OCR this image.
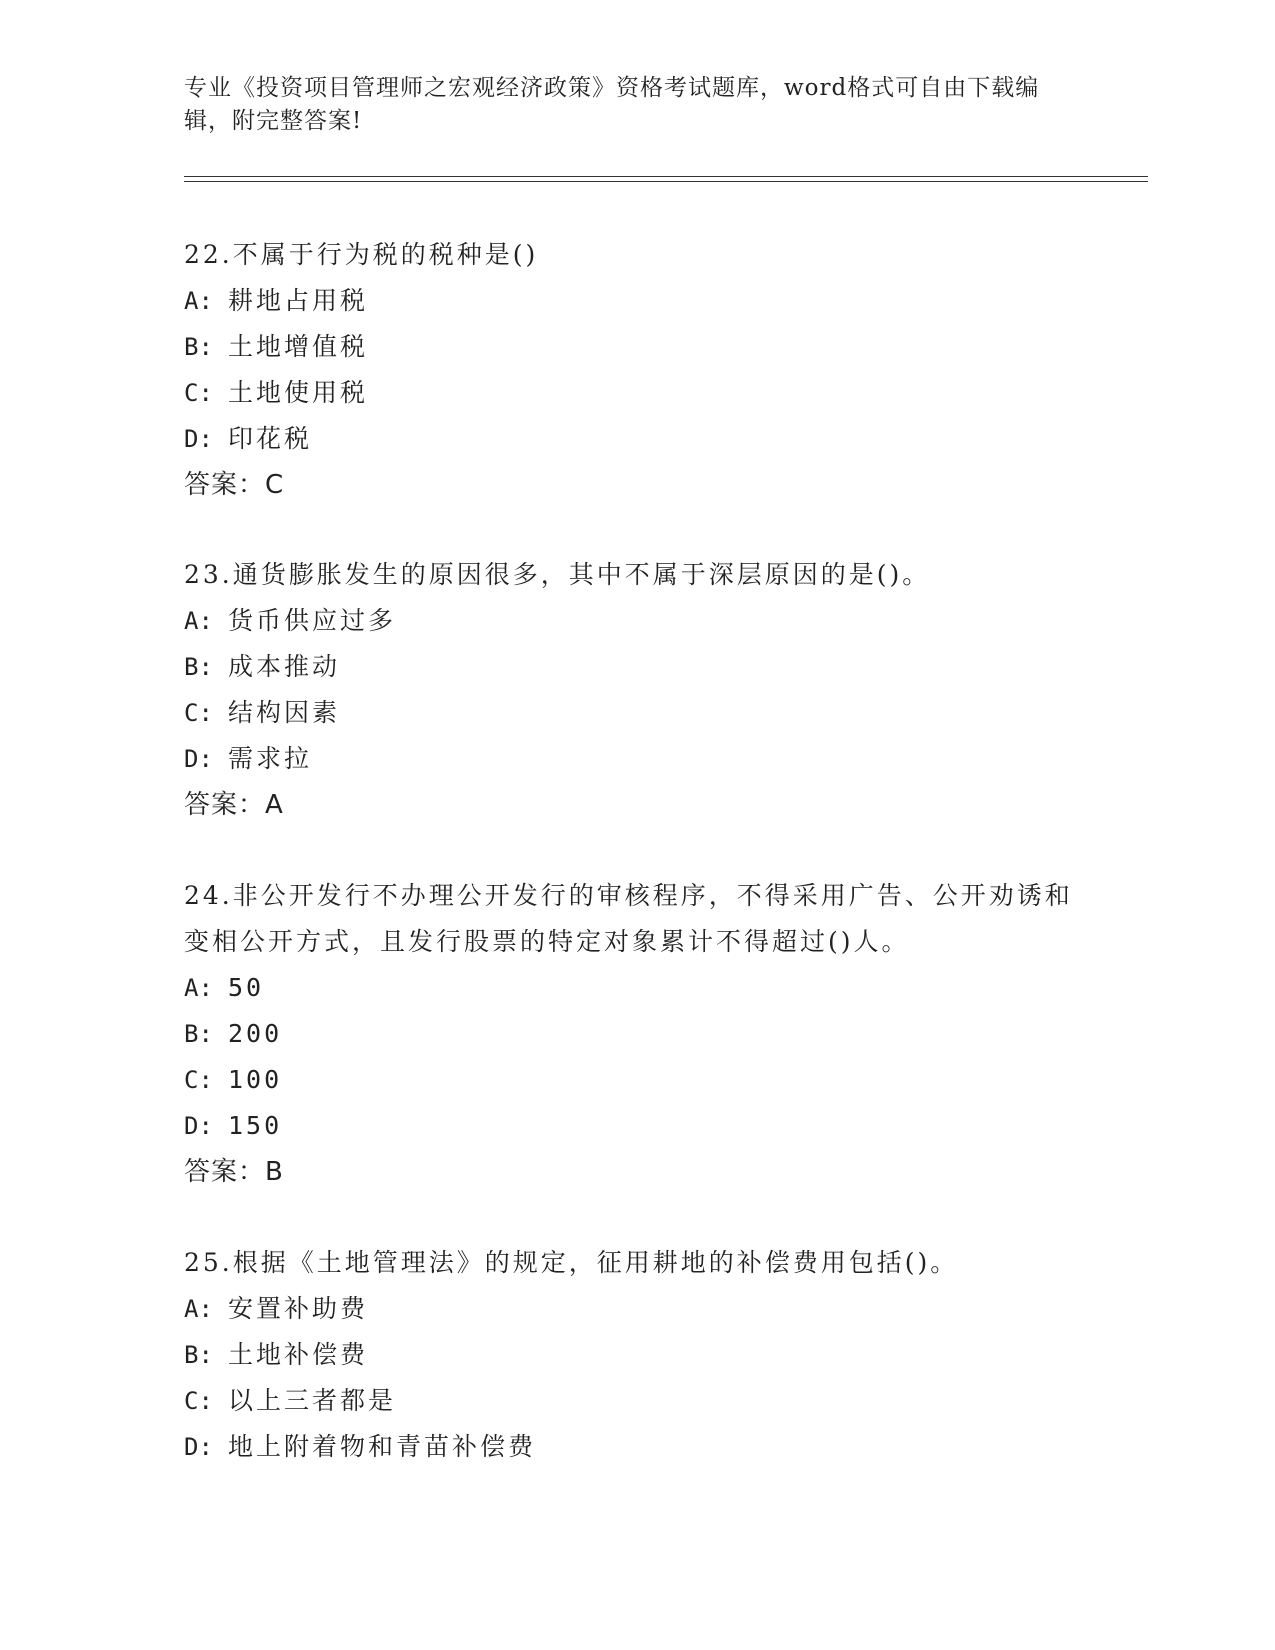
专业《投资项目管理师之宏观经济政策》资格考试题库，word格式可自由下载编辑，附完整答案!

22.不属于行为税的税种是()

A: 耕地占用税

B: 土地增值税

C: 土地使用税

D: 印花税

答案：C

23.通货膨胀发生的原因很多，其中不属于深层原因的是()。

A: 货币供应过多

B: 成本推动

C: 结构因素

D: 需求拉

答案：A

24.非公开发行不办理公开发行的审核程序，不得采用广告、公开劝诱和变相公开方式，且发行股票的特定对象累计不得超过()人。

A: 50

B: 200

C: 100

D: 150

答案：B

25.根据《土地管理法》的规定，征用耕地的补偿费用包括()。

A: 安置补助费

B: 土地补偿费

C: 以上三者都是

D: 地上附着物和青苗补偿费
